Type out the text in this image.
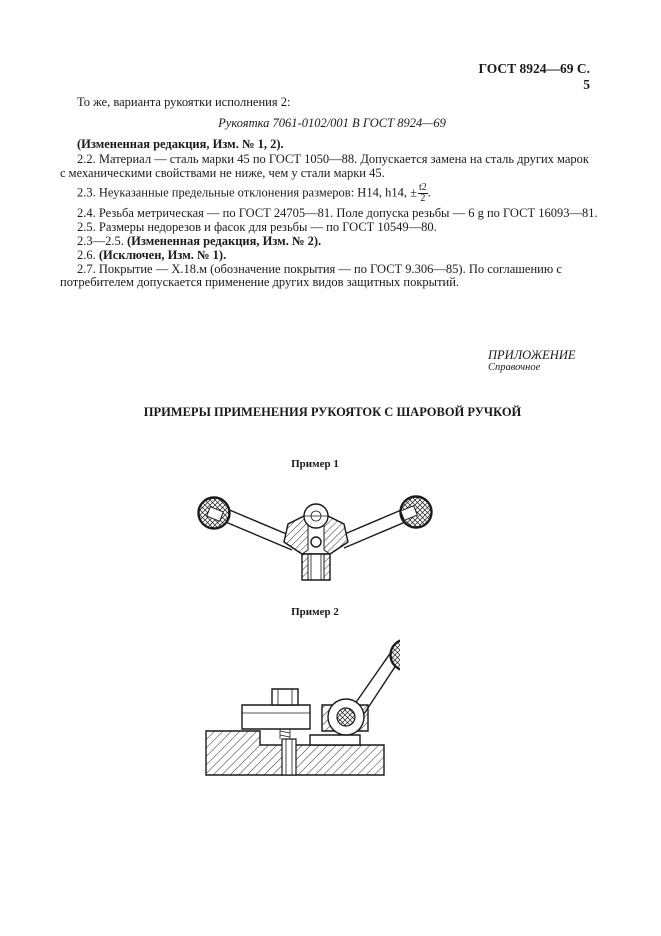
ГОСТ 8924—69 С. 5
То же, варианта рукоятки исполнения 2:
Рукоятка 7061-0102/001 В ГОСТ 8924—69
(Измененная редакция, Изм. № 1, 2).
2.2. Материал — сталь марки 45 по ГОСТ 1050—88. Допускается замена на сталь других марок
с механическими свойствами не ниже, чем у стали марки 45.
2.3. Неуказанные предельные отклонения размеров: Н14, h14, ± $\frac{t2}{2}$ .
2.4. Резьба метрическая — по ГОСТ 24705—81. Поле допуска резьбы — 6 g по ГОСТ 16093—81.
2.5. Размеры недорезов и фасок для резьбы — по ГОСТ 10549—80.
2.3—2.5. (Измененная редакция, Изм. № 2).
2.6. (Исключен, Изм. № 1).
2.7. Покрытие — Х.18.м (обозначение покрытия — по ГОСТ 9.306—85). По соглашению с
потребителем допускается применение других видов защитных покрытий.
ПРИЛОЖЕНИЕ
Справочное
ПРИМЕРЫ ПРИМЕНЕНИЯ РУКОЯТОК С ШАРОВОЙ РУЧКОЙ
Пример 1
Пример 2
